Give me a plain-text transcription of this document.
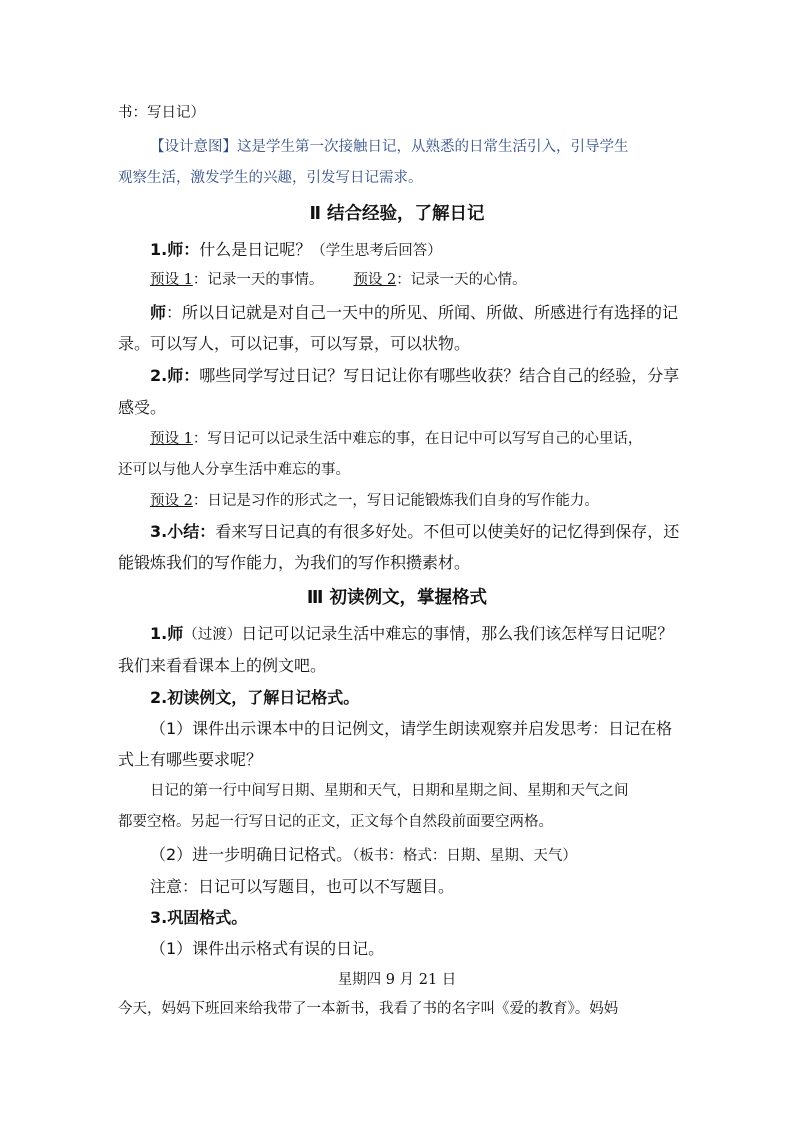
书：写日记）
【设计意图】这是学生第一次接触日记，从熟悉的日常生活引入，引导学生
观察生活，激发学生的兴趣，引发写日记需求。
Ⅱ 结合经验，了解日记
1.师：什么是日记呢？（学生思考后回答）
预设 1：记录一天的事情。 预设 2：记录一天的心情。
师：所以日记就是对自己一天中的所见、所闻、所做、所感进行有选择的记
录。可以写人，可以记事，可以写景，可以状物。
2.师：哪些同学写过日记？写日记让你有哪些收获？结合自己的经验，分享
感受。
预设 1：写日记可以记录生活中难忘的事，在日记中可以写写自己的心里话，
还可以与他人分享生活中难忘的事。
预设 2：日记是习作的形式之一，写日记能锻炼我们自身的写作能力。
3.小结：看来写日记真的有很多好处。不但可以使美好的记忆得到保存，还
能锻炼我们的写作能力，为我们的写作积攒素材。
Ⅲ 初读例文，掌握格式
1.师（过渡）日记可以记录生活中难忘的事情，那么我们该怎样写日记呢？
我们来看看课本上的例文吧。
2.初读例文，了解日记格式。
（1）课件出示课本中的日记例文，请学生朗读观察并启发思考：日记在格
式上有哪些要求呢？
日记的第一行中间写日期、星期和天气，日期和星期之间、星期和天气之间
都要空格。另起一行写日记的正文，正文每个自然段前面要空两格。
（2）进一步明确日记格式。（板书：格式：日期、星期、天气）
注意：日记可以写题目，也可以不写题目。
3.巩固格式。
（1）课件出示格式有误的日记。
星期四 9 月 21 日
今天，妈妈下班回来给我带了一本新书，我看了书的名字叫《爱的教育》。妈妈
